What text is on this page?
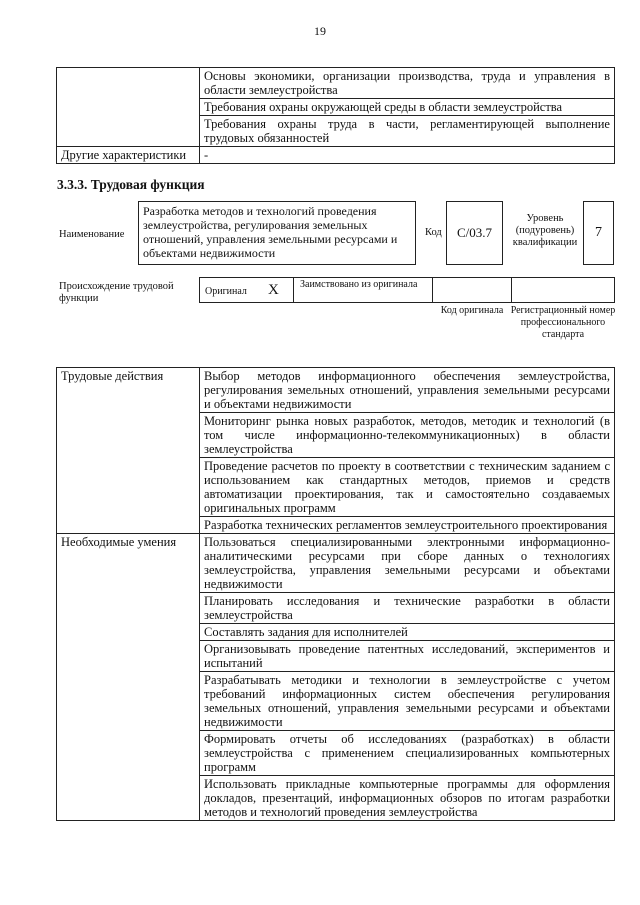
19
	Основы экономики, организации производства, труда и управления в области землеустройства
	Требования охраны окружающей среды в области землеустройства
	Требования охраны труда в части, регламентирующей выполнение трудовых обязанностей
Другие характеристики	-
3.3.3. Трудовая функция
Наименование
Разработка методов и технологий проведения землеустройства, регулирования земельных отношений, управления земельными ресурсами и объектами недвижимости
Код С/03.7
Уровень (подуровень) квалификации
7
Происхождение трудовой функции
Оригинал Х Заимствовано из оригинала
Код оригинала Регистрационный номер профессионального стандарта
Трудовые действия	Выбор методов информационного обеспечения землеустройства, регулирования земельных отношений, управления земельными ресурсами и объектами недвижимости
	Мониторинг рынка новых разработок, методов, методик и технологий (в том числе информационно-телекоммуникационных) в области землеустройства
	Проведение расчетов по проекту в соответствии с техническим заданием с использованием как стандартных методов, приемов и средств автоматизации проектирования, так и самостоятельно создаваемых оригинальных программ
	Разработка технических регламентов землеустроительного проектирования
Необходимые умения	Пользоваться специализированными электронными информационно-аналитическими ресурсами при сборе данных о технологиях землеустройства, управления земельными ресурсами и объектами недвижимости
	Планировать исследования и технические разработки в области землеустройства
	Составлять задания для исполнителей
	Организовывать проведение патентных исследований, экспериментов и испытаний
	Разрабатывать методики и технологии в землеустройстве с учетом требований информационных систем обеспечения регулирования земельных отношений, управления земельными ресурсами и объектами недвижимости
	Формировать отчеты об исследованиях (разработках) в области землеустройства с применением специализированных компьютерных программ
	Использовать прикладные компьютерные программы для оформления докладов, презентаций, информационных обзоров по итогам разработки методов и технологий проведения землеустройства
